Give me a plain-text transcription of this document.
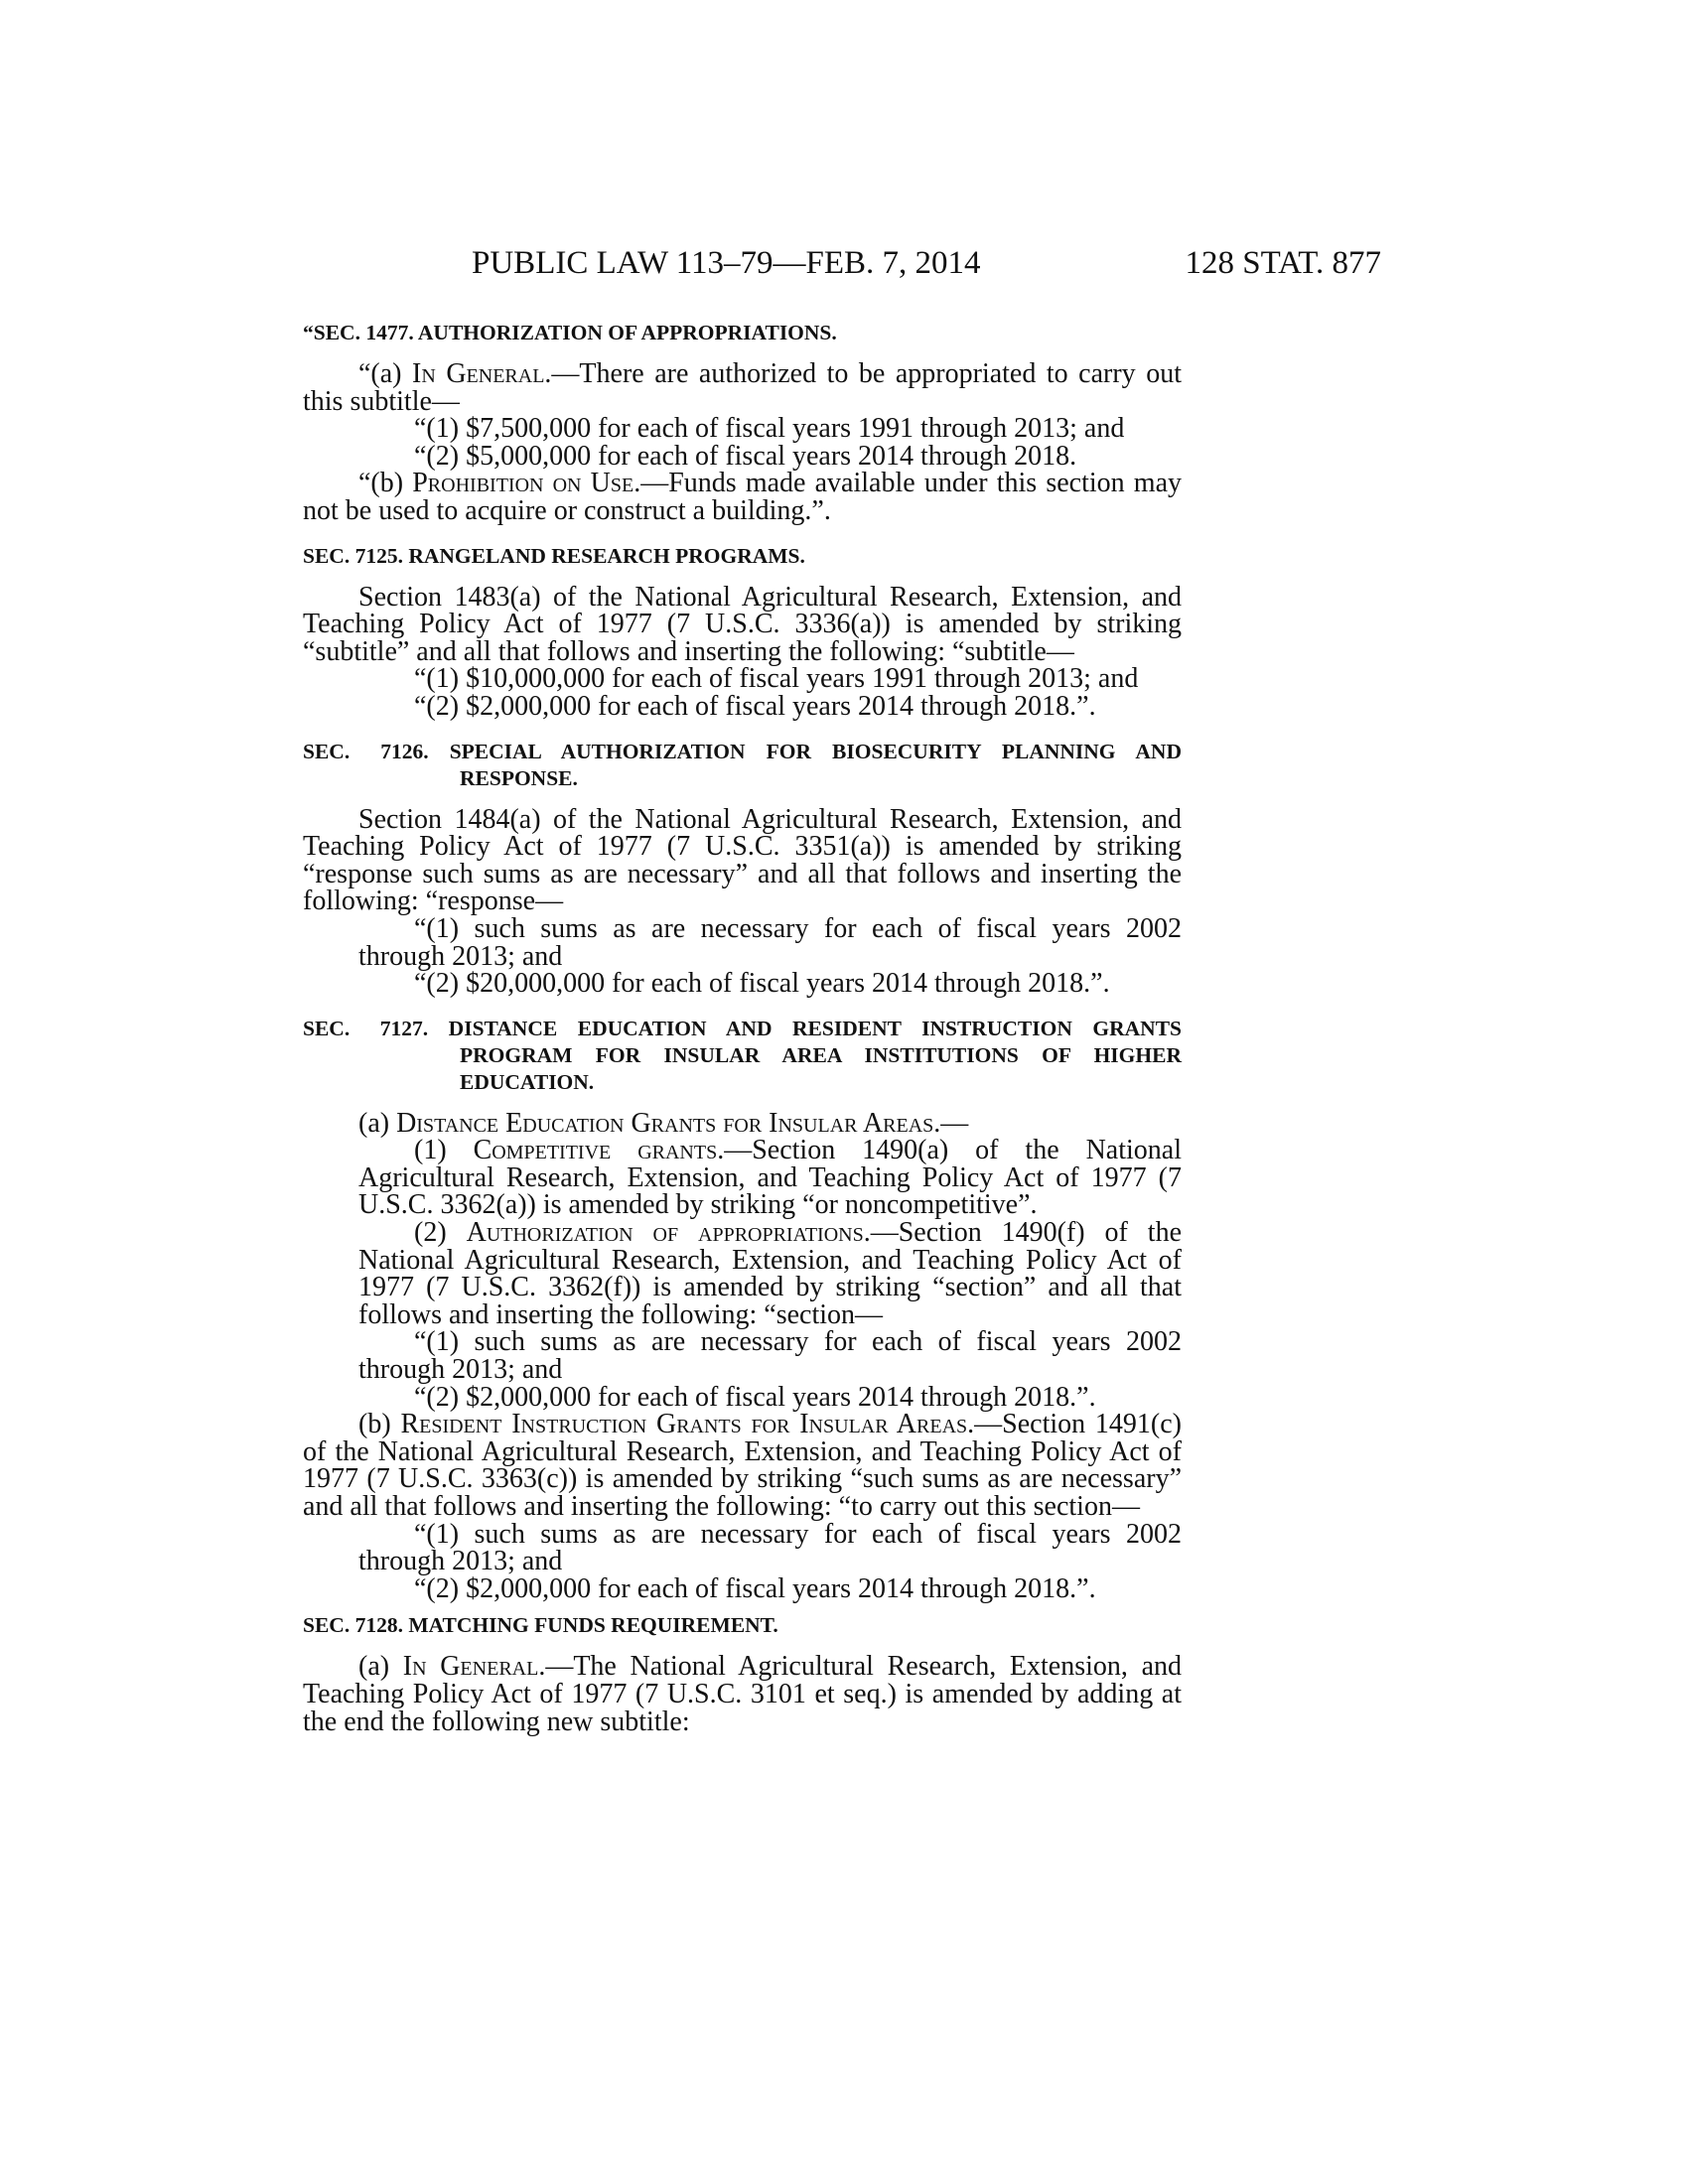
PUBLIC LAW 113–79—FEB. 7, 2014	128 STAT. 877
“SEC. 1477. AUTHORIZATION OF APPROPRIATIONS.

“(a) In General.—There are authorized to be appropriated to carry out this subtitle—

“(1) $7,500,000 for each of fiscal years 1991 through 2013; and

“(2) $5,000,000 for each of fiscal years 2014 through 2018.

“(b) Prohibition on Use.—Funds made available under this section may not be used to acquire or construct a building.”.

SEC. 7125. RANGELAND RESEARCH PROGRAMS.

Section 1483(a) of the National Agricultural Research, Extension, and Teaching Policy Act of 1977 (7 U.S.C. 3336(a)) is amended by striking “subtitle” and all that follows and inserting the following: “subtitle—

“(1) $10,000,000 for each of fiscal years 1991 through 2013; and

“(2) $2,000,000 for each of fiscal years 2014 through 2018.”.

SEC. 7126. SPECIAL AUTHORIZATION FOR BIOSECURITY PLANNING AND RESPONSE.

Section 1484(a) of the National Agricultural Research, Extension, and Teaching Policy Act of 1977 (7 U.S.C. 3351(a)) is amended by striking “response such sums as are necessary” and all that follows and inserting the following: “response—

“(1) such sums as are necessary for each of fiscal years 2002 through 2013; and

“(2) $20,000,000 for each of fiscal years 2014 through 2018.”.

SEC. 7127. DISTANCE EDUCATION AND RESIDENT INSTRUCTION GRANTS PROGRAM FOR INSULAR AREA INSTITUTIONS OF HIGHER EDUCATION.

(a) Distance Education Grants for Insular Areas.—

(1) Competitive grants.—Section 1490(a) of the National Agricultural Research, Extension, and Teaching Policy Act of 1977 (7 U.S.C. 3362(a)) is amended by striking “or noncompetitive”.

(2) Authorization of appropriations.—Section 1490(f) of the National Agricultural Research, Extension, and Teaching Policy Act of 1977 (7 U.S.C. 3362(f)) is amended by striking “section” and all that follows and inserting the following: “section—

“(1) such sums as are necessary for each of fiscal years 2002 through 2013; and

“(2) $2,000,000 for each of fiscal years 2014 through 2018.”.

(b) Resident Instruction Grants for Insular Areas.—Section 1491(c) of the National Agricultural Research, Extension, and Teaching Policy Act of 1977 (7 U.S.C. 3363(c)) is amended by striking “such sums as are necessary” and all that follows and inserting the following: “to carry out this section—

“(1) such sums as are necessary for each of fiscal years 2002 through 2013; and

“(2) $2,000,000 for each of fiscal years 2014 through 2018.”.

SEC. 7128. MATCHING FUNDS REQUIREMENT.

(a) In General.—The National Agricultural Research, Extension, and Teaching Policy Act of 1977 (7 U.S.C. 3101 et seq.) is amended by adding at the end the following new subtitle:
